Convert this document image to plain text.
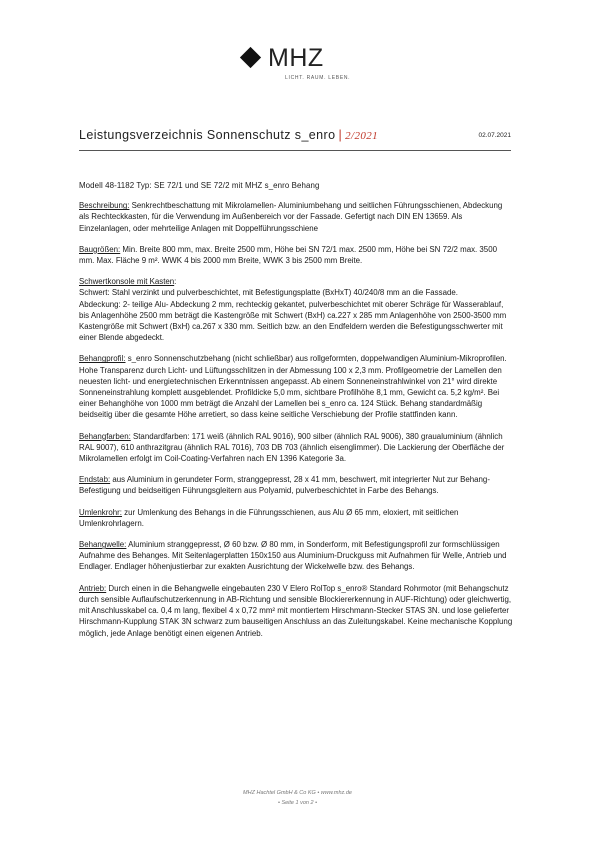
MHZ
LICHT. RAUM. LEBEN.
Leistungsverzeichnis Sonnenschutz s_enro | 2/2021	02.07.2021

Modell 48-1182 Typ: SE 72/1 und SE 72/2 mit MHZ s_enro Behang

Beschreibung: Senkrechtbeschattung mit Mikrolamellen- Aluminiumbehang und seitlichen Führungsschienen, Abdeckung als Rechteckkasten, für die Verwendung im Außenbereich vor der Fassade. Gefertigt nach DIN EN 13659. Als Einzelanlagen, oder mehrteilige Anlagen mit Doppelführungsschiene
Baugrößen: Min. Breite 800 mm, max. Breite 2500 mm, Höhe bei SN 72/1 max. 2500 mm, Höhe bei SN 72/2 max. 3500 mm. Max. Fläche 9 m². WWK 4 bis 2000 mm Breite, WWK 3 bis 2500 mm Breite.

Schwertkonsole mit Kasten:

Schwert: Stahl verzinkt und pulverbeschichtet, mit Befestigungsplatte (BxHxT) 40/240/8 mm an die Fassade.

Abdeckung: 2- teilige Alu- Abdeckung 2 mm, rechteckig gekantet, pulverbeschichtet mit oberer Schräge für Wasserablauf, bis Anlagenhöhe 2500 mm beträgt die Kastengröße mit Schwert (BxH) ca.227 x 285 mm Anlagenhöhe von 2500-3500 mm Kastengröße mit Schwert (BxH) ca.267 x 330 mm. Seitlich bzw. an den Endfeldern werden die Befestigungsschwerter mit einer Blende abgedeckt.

Behangprofil: s_enro Sonnenschutzbehang (nicht schließbar) aus rollgeformten, doppelwandigen Aluminium-Mikroprofilen. Hohe Transparenz durch Licht- und Lüftungsschlitzen in der Abmessung 100 x 2,3 mm. Profilgeometrie der Lamellen den neuesten licht- und energietechnischen Erkenntnissen angepasst. Ab einem Sonneneinstrahlwinkel von 21° wird direkte Sonneneinstrahlung komplett ausgeblendet. Profildicke 5,0 mm, sichtbare Profilhöhe 8,1 mm, Gewicht ca. 5,2 kg/m². Bei einer Behanghöhe von 1000 mm beträgt die Anzahl der Lamellen bei s_enro ca. 124 Stück. Behang standardmäßig beidseitig über die gesamte Höhe arretiert, so dass keine seitliche Verschiebung der Profile stattfinden kann.
Behangfarben: Standardfarben: 171 weiß (ähnlich RAL 9016), 900 silber (ähnlich RAL 9006), 380 graualuminium (ähnlich RAL 9007), 610 anthrazitgrau (ähnlich RAL 7016), 703 DB 703 (ähnlich eisenglimmer). Die Lackierung der Oberfläche der Mikrolamellen erfolgt im Coil-Coating-Verfahren nach EN 1396 Kategorie 3a.
Endstab: aus Aluminium in gerundeter Form, stranggepresst, 28 x 41 mm, beschwert, mit integrierter Nut zur Behang- Befestigung und beidseitigen Führungsgleitern aus Polyamid, pulverbeschichtet in Farbe des Behangs.
Umlenkrohr: zur Umlenkung des Behangs in die Führungsschienen, aus Alu Ø 65 mm, eloxiert, mit seitlichen Umlenkrohrlagern.
Behangwelle: Aluminium stranggepresst, Ø 60 bzw. Ø 80 mm, in Sonderform, mit Befestigungsprofil zur formschlüssigen Aufnahme des Behanges. Mit Seitenlagerplatten 150x150 aus Aluminium-Druckguss mit Aufnahmen für Welle, Antrieb und Endlager. Endlager höhenjustierbar zur exakten Ausrichtung der Wickelwelle bzw. des Behangs.
Antrieb: Durch einen in die Behangwelle eingebauten 230 V Elero RolTop s_enro® Standard Rohrmotor (mit Behangschutz durch sensible Auflaufschutzerkennung in AB-Richtung und sensible Blockiererkennung in AUF-Richtung) oder gleichwertig, mit Anschlusskabel ca. 0,4 m lang, flexibel 4 x 0,72 mm² mit montiertem Hirschmann-Stecker STAS 3N. und lose gelieferter Hirschmann-Kupplung STAK 3N schwarz zum bauseitigen Anschluss an das Zuleitungskabel. Keine mechanische Kopplung möglich, jede Anlage benötigt einen eigenen Antrieb.
MHZ Hachtel GmbH & Co KG • www.mhz.de
• Seite 1 von 2 •
